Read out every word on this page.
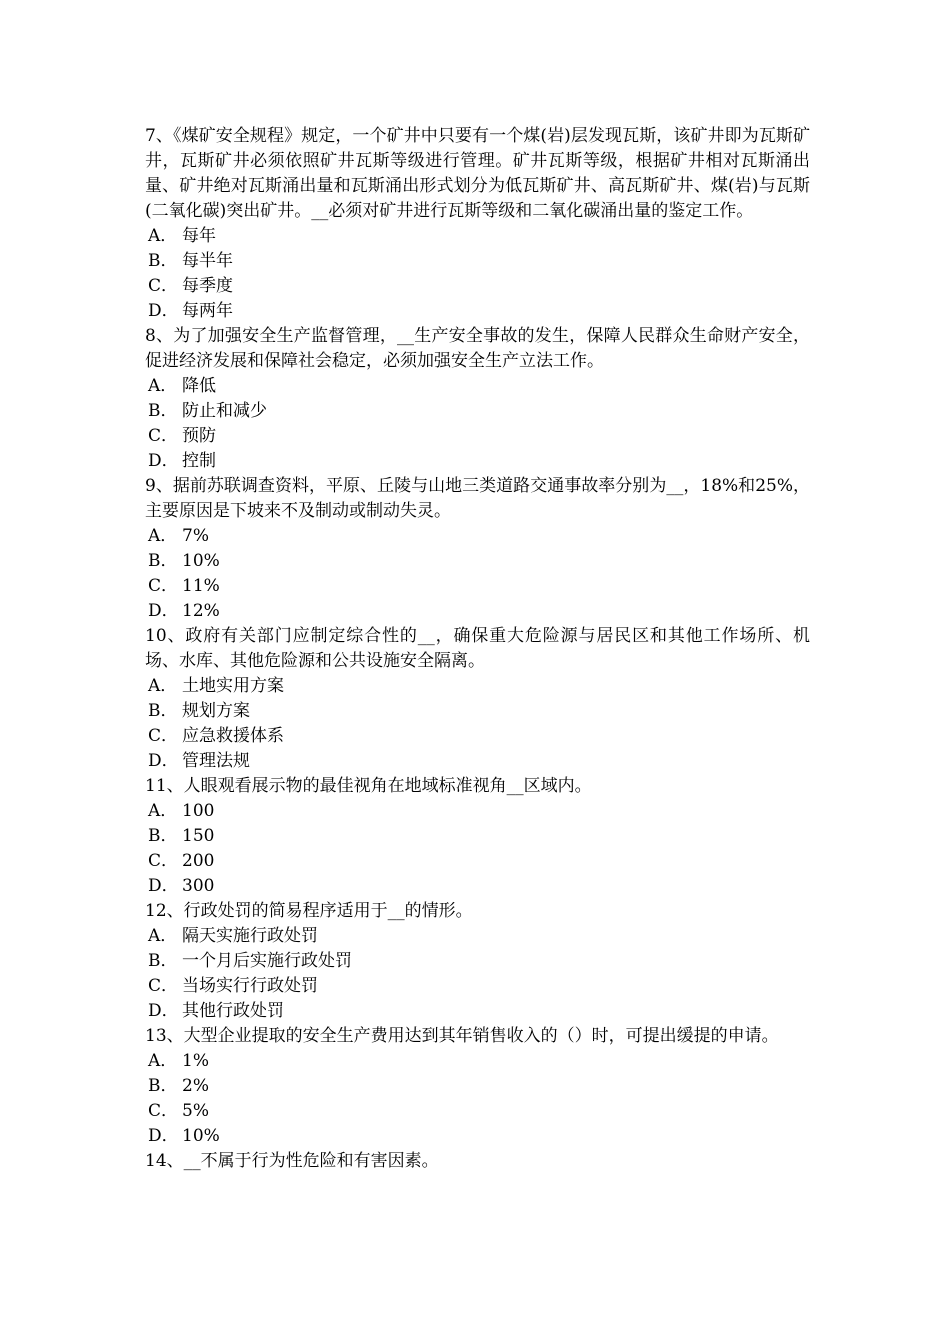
7、《煤矿安全规程》规定，一个矿井中只要有一个煤(岩)层发现瓦斯，该矿井即为瓦斯矿井，瓦斯矿井必须依照矿井瓦斯等级进行管理。矿井瓦斯等级，根据矿井相对瓦斯涌出量、矿井绝对瓦斯涌出量和瓦斯涌出形式划分为低瓦斯矿井、高瓦斯矿井、煤(岩)与瓦斯(二氧化碳)突出矿井。__必须对矿井进行瓦斯等级和二氧化碳涌出量的鉴定工作。
A． 每年
B． 每半年
C． 每季度
D． 每两年
8、为了加强安全生产监督管理，__生产安全事故的发生，保障人民群众生命财产安全，促进经济发展和保障社会稳定，必须加强安全生产立法工作。
A． 降低
B． 防止和减少
C． 预防
D． 控制
9、据前苏联调查资料，平原、丘陵与山地三类道路交通事故率分别为__，18%和25%，主要原因是下坡来不及制动或制动失灵。
A． 7%
B． 10%
C． 11%
D． 12%
10、政府有关部门应制定综合性的__，确保重大危险源与居民区和其他工作场所、机场、水库、其他危险源和公共设施安全隔离。
A． 土地实用方案
B． 规划方案
C． 应急救援体系
D． 管理法规
11、人眼观看展示物的最佳视角在地域标准视角__区域内。
A． 100
B． 150
C． 200
D． 300
12、行政处罚的简易程序适用于__的情形。
A． 隔天实施行政处罚
B． 一个月后实施行政处罚
C． 当场实行行政处罚
D． 其他行政处罚
13、大型企业提取的安全生产费用达到其年销售收入的（）时，可提出缓提的申请。
A． 1%
B． 2%
C． 5%
D． 10%
14、__不属于行为性危险和有害因素。
